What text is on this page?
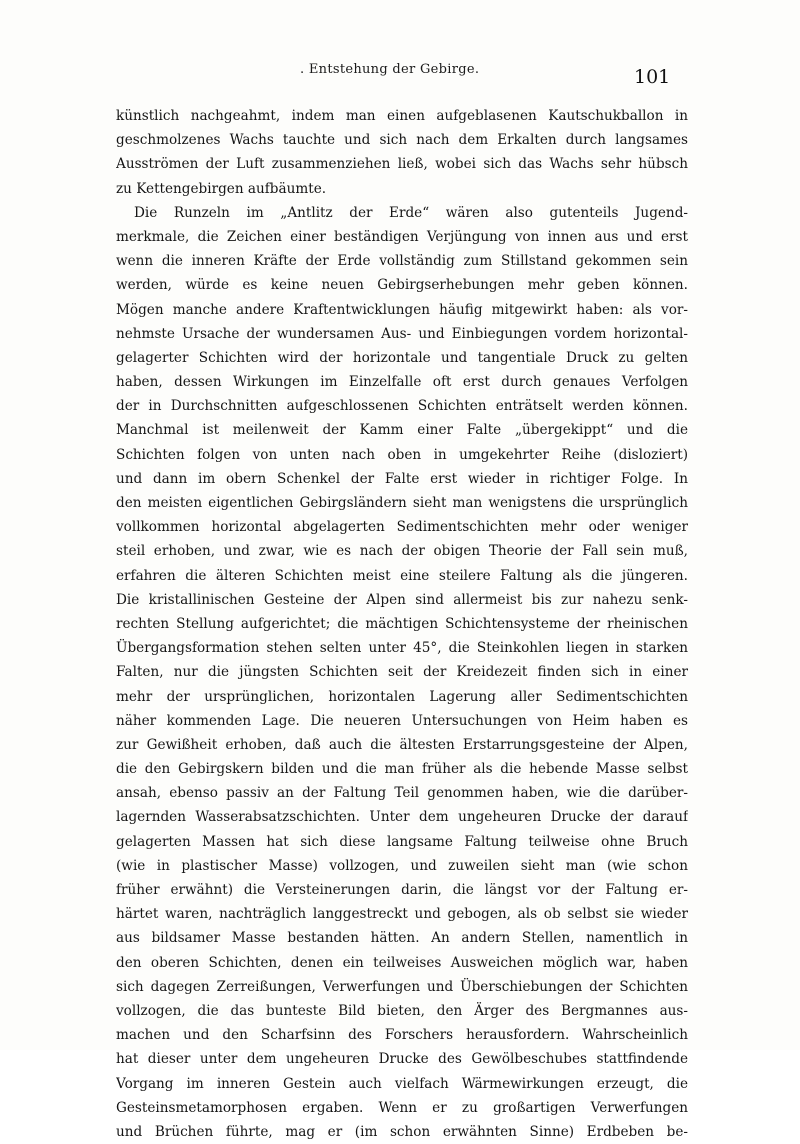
. Entstehung der Gebirge.	101
künstlich nachgeahmt, indem man einen aufgeblasenen Kautschukballon in
geschmolzenes Wachs tauchte und sich nach dem Erkalten durch langsames
Ausströmen der Luft zusammenziehen ließ, wobei sich das Wachs sehr hübsch
zu Kettengebirgen aufbäumte.
Die Runzeln im „Antlitz der Erde“ wären also gutenteils Jugend-
merkmale, die Zeichen einer beständigen Verjüngung von innen aus und erst
wenn die inneren Kräfte der Erde vollständig zum Stillstand gekommen sein
werden, würde es keine neuen Gebirgserhebungen mehr geben können.
Mögen manche andere Kraftentwicklungen häufig mitgewirkt haben: als vor-
nehmste Ursache der wundersamen Aus- und Einbiegungen vordem horizontal-
gelagerter Schichten wird der horizontale und tangentiale Druck zu gelten
haben, dessen Wirkungen im Einzelfalle oft erst durch genaues Verfolgen
der in Durchschnitten aufgeschlossenen Schichten enträtselt werden können.
Manchmal ist meilenweit der Kamm einer Falte „übergekippt“ und die
Schichten folgen von unten nach oben in umgekehrter Reihe (disloziert)
und dann im obern Schenkel der Falte erst wieder in richtiger Folge. In
den meisten eigentlichen Gebirgsländern sieht man wenigstens die ursprünglich
vollkommen horizontal abgelagerten Sedimentschichten mehr oder weniger
steil erhoben, und zwar, wie es nach der obigen Theorie der Fall sein muß,
erfahren die älteren Schichten meist eine steilere Faltung als die jüngeren.
Die kristallinischen Gesteine der Alpen sind allermeist bis zur nahezu senk-
rechten Stellung aufgerichtet; die mächtigen Schichtensysteme der rheinischen
Übergangsformation stehen selten unter 45°, die Steinkohlen liegen in starken
Falten, nur die jüngsten Schichten seit der Kreidezeit finden sich in einer
mehr der ursprünglichen, horizontalen Lagerung aller Sedimentschichten
näher kommenden Lage. Die neueren Untersuchungen von Heim haben es
zur Gewißheit erhoben, daß auch die ältesten Erstarrungsgesteine der Alpen,
die den Gebirgskern bilden und die man früher als die hebende Masse selbst
ansah, ebenso passiv an der Faltung Teil genommen haben, wie die darüber-
lagernden Wasserabsatzschichten. Unter dem ungeheuren Drucke der darauf
gelagerten Massen hat sich diese langsame Faltung teilweise ohne Bruch
(wie in plastischer Masse) vollzogen, und zuweilen sieht man (wie schon
früher erwähnt) die Versteinerungen darin, die längst vor der Faltung er-
härtet waren, nachträglich langgestreckt und gebogen, als ob selbst sie wieder
aus bildsamer Masse bestanden hätten. An andern Stellen, namentlich in
den oberen Schichten, denen ein teilweises Ausweichen möglich war, haben
sich dagegen Zerreißungen, Verwerfungen und Überschiebungen der Schichten
vollzogen, die das bunteste Bild bieten, den Ärger des Bergmannes aus-
machen und den Scharfsinn des Forschers herausfordern. Wahrscheinlich
hat dieser unter dem ungeheuren Drucke des Gewölbeschubes stattfindende
Vorgang im inneren Gestein auch vielfach Wärmewirkungen erzeugt, die
Gesteinsmetamorphosen ergaben. Wenn er zu großartigen Verwerfungen
und Brüchen führte, mag er (im schon erwähnten Sinne) Erdbeben be-
